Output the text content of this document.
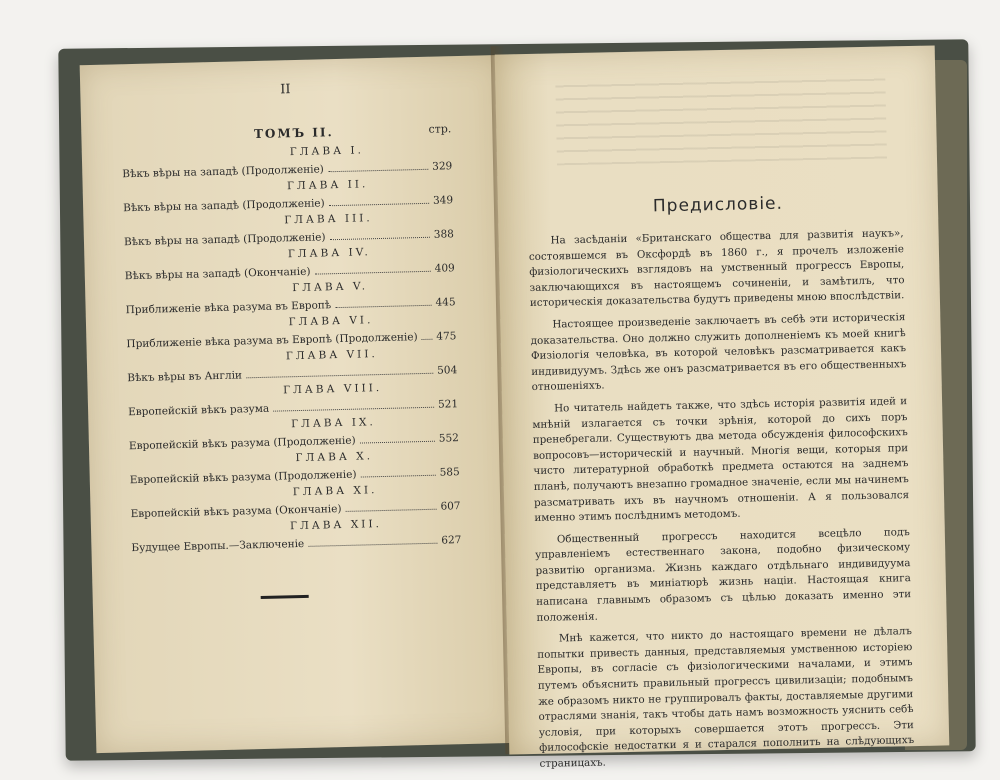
II
ТОМЪ II.	стр.
ГЛАВА I.
Вѣкъ вѣры на западѣ (Продолженіе)	329
ГЛАВА II.
Вѣкъ вѣры на западѣ (Продолженіе)	349
ГЛАВА III.
Вѣкъ вѣры на западѣ (Продолженіе)	388
ГЛАВА IV.
Вѣкъ вѣры на западѣ (Окончаніе)	409
ГЛАВА V.
Приближеніе вѣка разума въ Европѣ	445
ГЛАВА VI.
Приближеніе вѣка разума въ Европѣ (Продолженіе) 475
ГЛАВА VII.
Вѣкъ вѣры въ Англіи	504
ГЛАВА VIII.
Европейскій вѣкъ разума	521
ГЛАВА IX.
Европейскій вѣкъ разума (Продолженіе)	552
ГЛАВА X.
Европейскій вѣкъ разума (Продолженіе)	585
ГЛАВА XI.
Европейскій вѣкъ разума (Окончаніе)	607
ГЛАВА XII.
Будущее Европы.—Заключеніе	627
Предисловіе.

На засѣданіи «Британскаго общества для развитія наукъ», состоявшемся въ Оксфордѣ въ 1860 г., я прочелъ изложеніе физіологическихъ взглядовъ на умственный прогрессъ Европы, заключающихся въ настоящемъ сочиненіи, и замѣтилъ, что историческія доказательства будутъ приведены мною впослѣдствіи.

Настоящее произведеніе заключаетъ въ себѣ эти историческія доказательства. Оно должно служить дополненіемъ къ моей книгѣ Физіологія человѣка, въ которой человѣкъ разсматривается какъ индивидуумъ. Здѣсь же онъ разсматривается въ его общественныхъ отношеніяхъ.

Но читатель найдетъ также, что здѣсь исторія развитія идей и мнѣній излагается съ точки зрѣнія, которой до сихъ поръ пренебрегали. Существуютъ два метода обсужденія философскихъ вопросовъ—историческій и научный. Многія вещи, которыя при чисто литературной обработкѣ предмета остаются на заднемъ планѣ, получаютъ внезапно громадное значеніе, если мы начинемъ разсматривать ихъ въ научномъ отношеніи. А я пользовался именно этимъ послѣднимъ методомъ.

Общественный прогрессъ находится всецѣло подъ управленіемъ естественнаго закона, подобно физическому развитію организма. Жизнь каждаго отдѣльнаго индивидуума представляетъ въ миніатюрѣ жизнь націи. Настоящая книга написана главнымъ образомъ съ цѣлью доказать именно эти положенія.

Мнѣ кажется, что никто до настоящаго времени не дѣлалъ попытки привесть данныя, представляемыя умственною исторіею Европы, въ согласіе съ физіологическими началами, и этимъ путемъ объяснить правильный прогрессъ цивилизаціи; подобнымъ же образомъ никто не группировалъ факты, доставляемые другими отраслями знанія, такъ чтобы дать намъ возможность уяснить себѣ условія, при которыхъ совершается этотъ прогрессъ. Эти философскіе недостатки я и старался пополнить на слѣдующихъ страницахъ.
